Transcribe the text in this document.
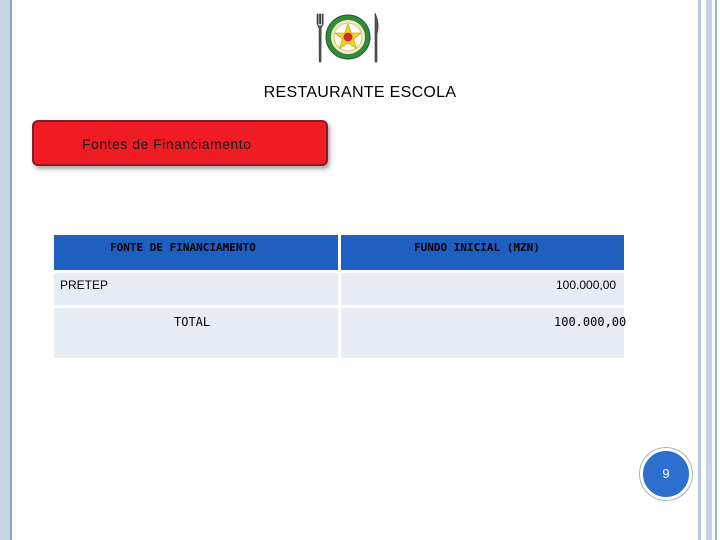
RESTAURANTE ESCOLA
Fontes de Financiamento
FONTE DE FINANCIAMENTO	FUNDO INICIAL (MZN)
PRETEP	100.000,00
TOTAL	100.000,00
9
